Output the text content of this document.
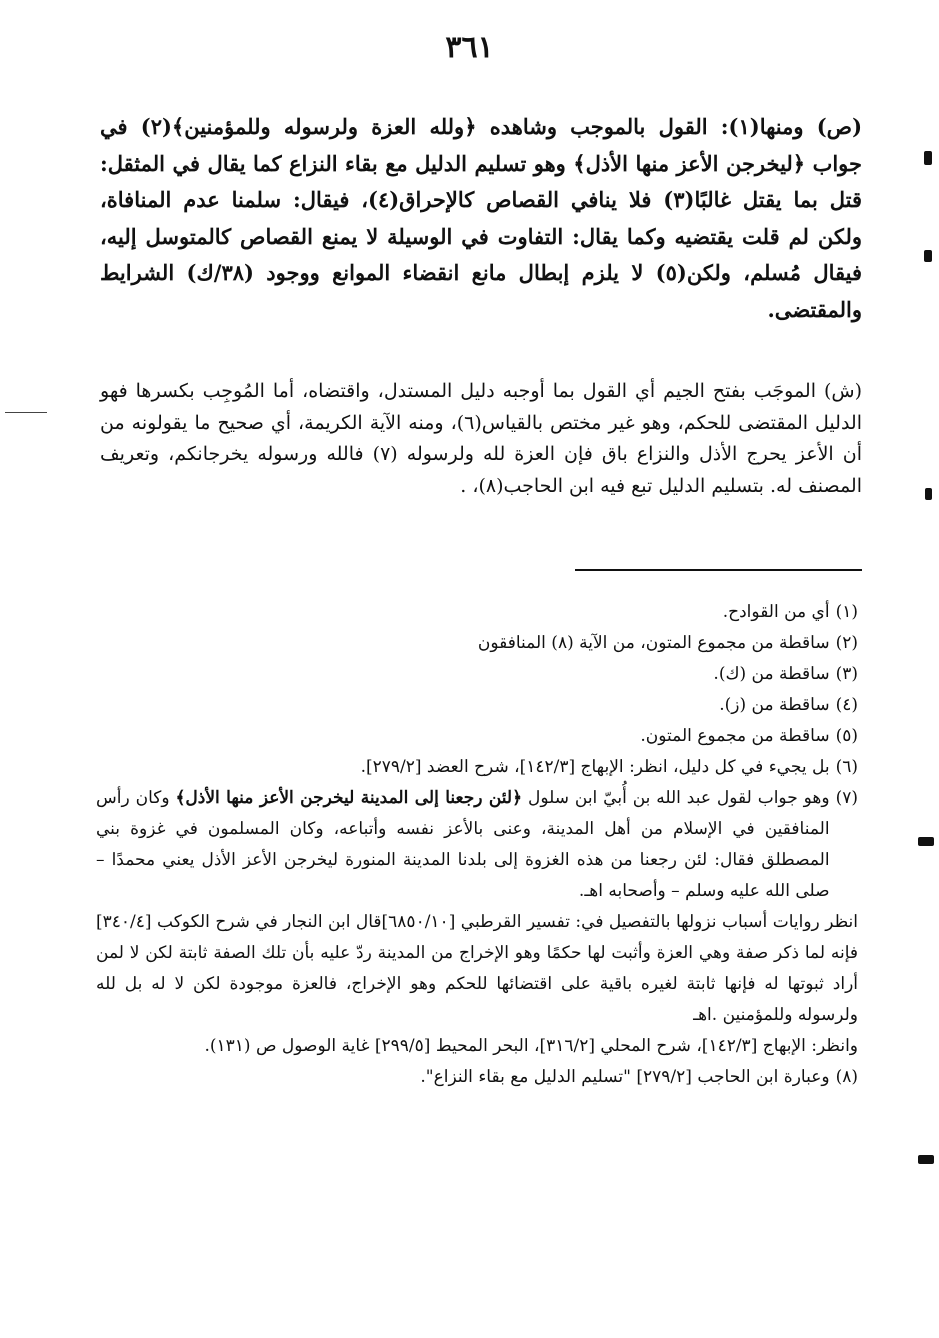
٣٦١

(ص) ومنها(١): القول بالموجب وشاهده ﴿ولله العزة ولرسوله وللمؤمنين﴾(٢) في جواب ﴿ليخرجن الأعز منها الأذل﴾ وهو تسليم الدليل مع بقاء النزاع كما يقال في المثقل: قتل بما يقتل غالبًا(٣) فلا ينافي القصاص كالإحراق(٤)، فيقال: سلمنا عدم المنافاة، ولكن لم قلت يقتضيه وكما يقال: التفاوت في الوسيلة لا يمنع القصاص كالمتوسل إليه، فيقال مُسلم، ولكن(٥) لا يلزم إبطال مانع انقضاء الموانع ووجود (٣٨/ك) الشرايط والمقتضى.

(ش) الموجَب بفتح الجيم أي القول بما أوجبه دليل المستدل، واقتضاه، أما المُوجِب بكسرها فهو الدليل المقتضى للحكم، وهو غير مختص بالقياس(٦)، ومنه الآية الكريمة، أي صحيح ما يقولونه من أن الأعز يحرج الأذل والنزاع باق فإن العزة لله ولرسوله (٧) فالله ورسوله يخرجانكم، وتعريف المصنف له. بتسليم الدليل تبع فيه ابن الحاجب(٨)، .

(١)
أي من القوادح.
(٢)
ساقطة من مجموع المتون، من الآية (٨) المنافقون
(٣)
ساقطة من (ك).
(٤)
ساقطة من (ز).
(٥)
ساقطة من مجموع المتون.
(٦)
بل يجيء في كل دليل، انظر: الإبهاج [١٤٢/٣]، شرح العضد [٢٧٩/٢].
(٧)
وهو جواب لقول عبد الله بن أُبيّ ابن سلول ﴿لئن رجعنا إلى المدينة ليخرجن الأعز منها الأذل﴾ وكان رأس المنافقين في الإسلام من أهل المدينة، وعنى بالأعز نفسه وأتباعه، وكان المسلمون في غزوة بني المصطلق فقال: لئن رجعنا من هذه الغزوة إلى بلدنا المدينة المنورة ليخرجن الأعز الأذل يعني محمدًا – صلى الله عليه وسلم – وأصحابه اهـ.
انظر روايات أسباب نزولها بالتفصيل في: تفسير القرطبي [٦٨٥٠/١٠]قال ابن النجار في شرح الكوكب [٣٤٠/٤] فإنه لما ذكر صفة وهي العزة وأثبت لها حكمًا وهو الإخراج من المدينة ردّ عليه بأن تلك الصفة ثابتة لكن لا لمن أراد ثبوتها له فإنها ثابتة لغيره باقية على اقتضائها للحكم وهو الإخراج، فالعزة موجودة لكن لا له بل لله ولرسوله وللمؤمنين .اهـ
وانظر: الإبهاج [١٤٢/٣]، شرح المحلي [٣١٦/٢]، البحر المحيط [٢٩٩/٥] غاية الوصول ص (١٣١).
(٨)
وعبارة ابن الحاجب [٢٧٩/٢] "تسليم الدليل مع بقاء النزاع".
